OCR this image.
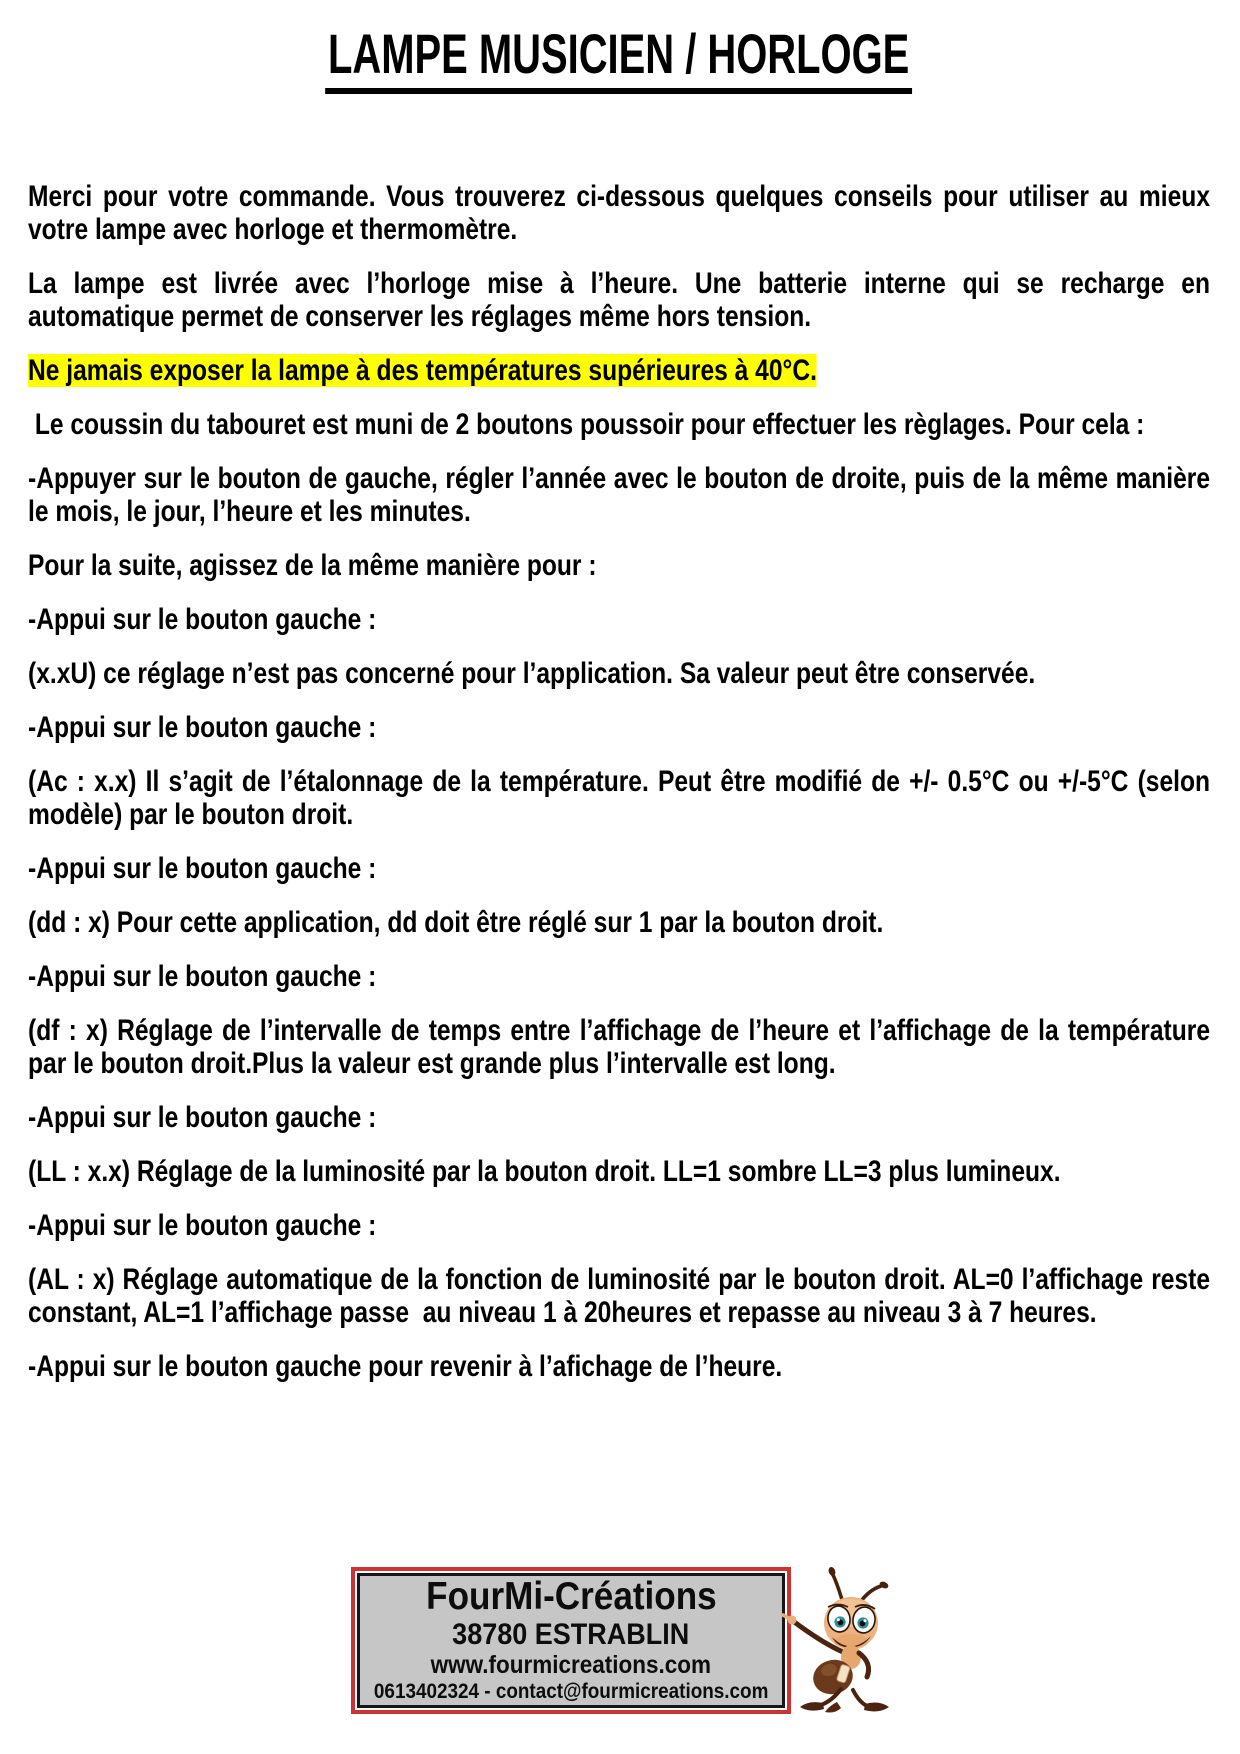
LAMPE MUSICIEN / HORLOGE

Merci pour votre commande. Vous trouverez ci-dessous quelques conseils pour utiliser au mieux votre lampe avec horloge et thermomètre.

La lampe est livrée avec l’horloge mise à l’heure. Une batterie interne qui se recharge en automatique permet de conserver les réglages même hors tension.

Ne jamais exposer la lampe à des températures supérieures à 40°C.

Le coussin du tabouret est muni de 2 boutons poussoir pour effectuer les règlages. Pour cela :

-Appuyer sur le bouton de gauche, régler l’année avec le bouton de droite, puis de la même manière le mois, le jour, l’heure et les minutes.

Pour la suite, agissez de la même manière pour :

-Appui sur le bouton gauche :

(x.xU) ce réglage n’est pas concerné pour l’application. Sa valeur peut être conservée.

-Appui sur le bouton gauche :

(Ac : x.x) Il s’agit de l’étalonnage de la température. Peut être modifié de +/- 0.5°C ou +/-5°C (selon modèle) par le bouton droit.

-Appui sur le bouton gauche :

(dd : x) Pour cette application, dd doit être réglé sur 1 par la bouton droit.

-Appui sur le bouton gauche :

(df : x) Réglage de l’intervalle de temps entre l’affichage de l’heure et l’affichage de la température par le bouton droit.Plus la valeur est grande plus l’intervalle est long.

-Appui sur le bouton gauche :

(LL : x.x) Réglage de la luminosité par la bouton droit. LL=1 sombre LL=3 plus lumineux.

-Appui sur le bouton gauche :

(AL : x) Réglage automatique de la fonction de luminosité par le bouton droit. AL=0 l’affichage reste constant, AL=1 l’affichage passe  au niveau 1 à 20heures et repasse au niveau 3 à 7 heures.

-Appui sur le bouton gauche pour revenir à l’afichage de l’heure.

FourMi-Créations
38780 ESTRABLIN
www.fourmicreations.com
0613402324 - contact@fourmicreations.com
